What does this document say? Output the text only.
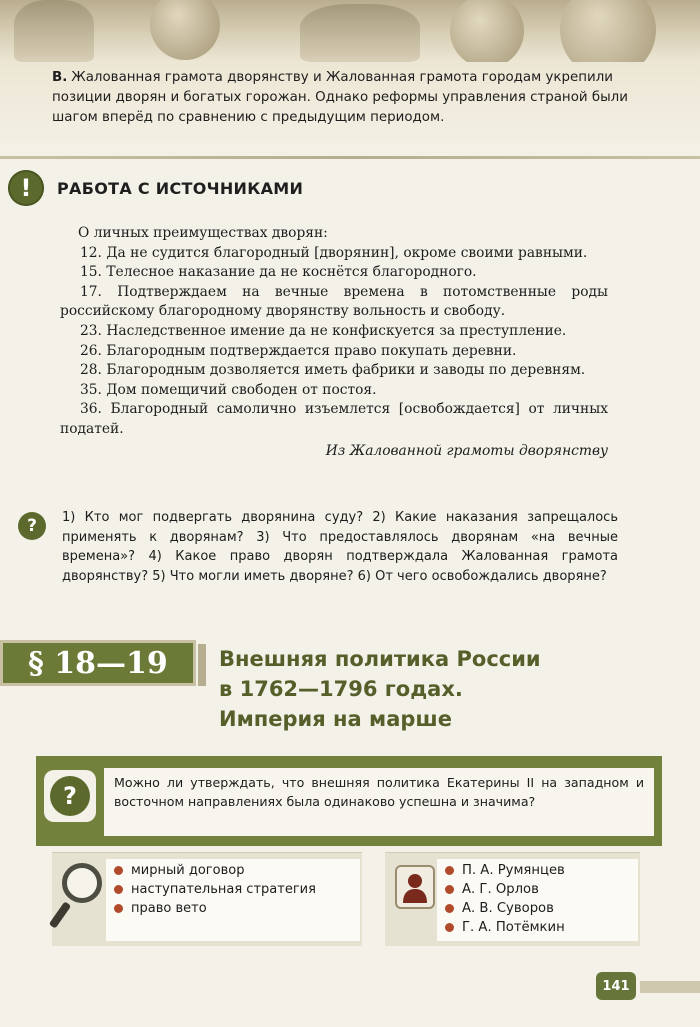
В. Жалованная грамота дворянству и Жалованная грамота городам укрепили позиции дворян и богатых горожан. Однако реформы управления страной были шагом вперёд по сравнению с предыдущим периодом.
!	РАБОТА С ИСТОЧНИКАМИ

О личных преимуществах дворян:

12. Да не судится благородный [дворянин], окроме своими равными.

15. Телесное наказание да не коснётся благородного.

17. Подтверждаем на вечные времена в потомственные роды российскому благородному дворянству вольность и свободу.

23. Наследственное имение да не конфискуется за преступление.

26. Благородным подтверждается право покупать деревни.

28. Благородным дозволяется иметь фабрики и заводы по деревням.

35. Дом помещичий свободен от постоя.

36. Благородный самолично изъемлется [освобождается] от личных податей.

Из Жалованной грамоты дворянству

?	1) Кто мог подвергать дворянина суду? 2) Какие наказания запрещалось применять к дворянам? 3) Что предоставлялось дворянам «на вечные времена»? 4) Какое право дворян подтверждала Жалованная грамота дворянству? 5) Что могли иметь дворяне? 6) От чего освобождались дворяне?
§ 18—19	Внешняя политика России
в 1762—1796 годах.
Империя на марше
?	Можно ли утверждать, что внешняя политика Екатерины II на западном и восточном направлениях была одинаково успешна и значима?
мирный договор
наступательная стратегия
право вето
П. А. Румянцев
А. Г. Орлов
А. В. Суворов
Г. А. Потёмкин
141
